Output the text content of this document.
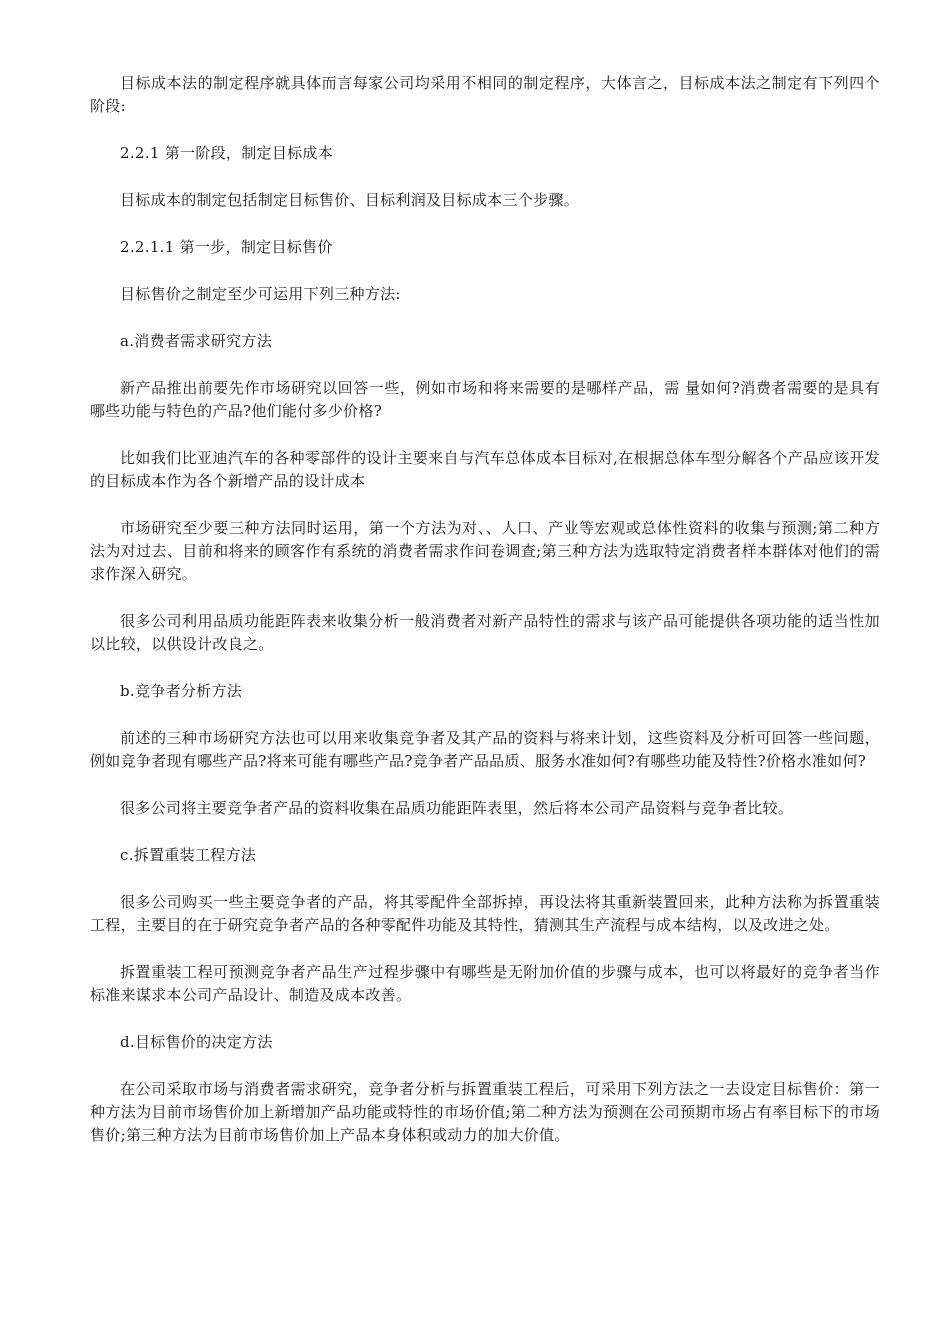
目标成本法的制定程序就具体而言每家公司均采用不相同的制定程序，大体言之，目标成本法之制定有下列四个阶段:

2.2.1 第一阶段，制定目标成本

目标成本的制定包括制定目标售价、目标利润及目标成本三个步骤。

2.2.1.1 第一步，制定目标售价

目标售价之制定至少可运用下列三种方法:

a.消费者需求研究方法

新产品推出前要先作市场研究以回答一些，例如市场和将来需要的是哪样产品，需 量如何?消费者需要的是具有哪些功能与特色的产品?他们能付多少价格?

比如我们比亚迪汽车的各种零部件的设计主要来自与汽车总体成本目标对,在根据总体车型分解各个产品应该开发的目标成本作为各个新增产品的设计成本

市场研究至少要三种方法同时运用，第一个方法为对、、人口、产业等宏观或总体性资料的收集与预测;第二种方法为对过去、目前和将来的顾客作有系统的消费者需求作问卷调查;第三种方法为选取特定消费者样本群体对他们的需求作深入研究。

很多公司利用品质功能距阵表来收集分析一般消费者对新产品特性的需求与该产品可能提供各项功能的适当性加以比较，以供设计改良之。

b.竞争者分析方法

前述的三种市场研究方法也可以用来收集竞争者及其产品的资料与将来计划，这些资料及分析可回答一些问题，例如竞争者现有哪些产品?将来可能有哪些产品?竞争者产品品质、服务水准如何?有哪些功能及特性?价格水准如何?

很多公司将主要竞争者产品的资料收集在品质功能距阵表里，然后将本公司产品资料与竞争者比较。

c.拆置重装工程方法

很多公司购买一些主要竞争者的产品，将其零配件全部拆掉，再设法将其重新装置回来，此种方法称为拆置重装工程，主要目的在于研究竞争者产品的各种零配件功能及其特性，猜测其生产流程与成本结构，以及改进之处。

拆置重装工程可预测竞争者产品生产过程步骤中有哪些是无附加价值的步骤与成本，也可以将最好的竞争者当作标准来谋求本公司产品设计、制造及成本改善。

d.目标售价的决定方法

在公司采取市场与消费者需求研究，竞争者分析与拆置重装工程后，可采用下列方法之一去设定目标售价：第一种方法为目前市场售价加上新增加产品功能或特性的市场价值;第二种方法为预测在公司预期市场占有率目标下的市场售价;第三种方法为目前市场售价加上产品本身体积或动力的加大价值。
